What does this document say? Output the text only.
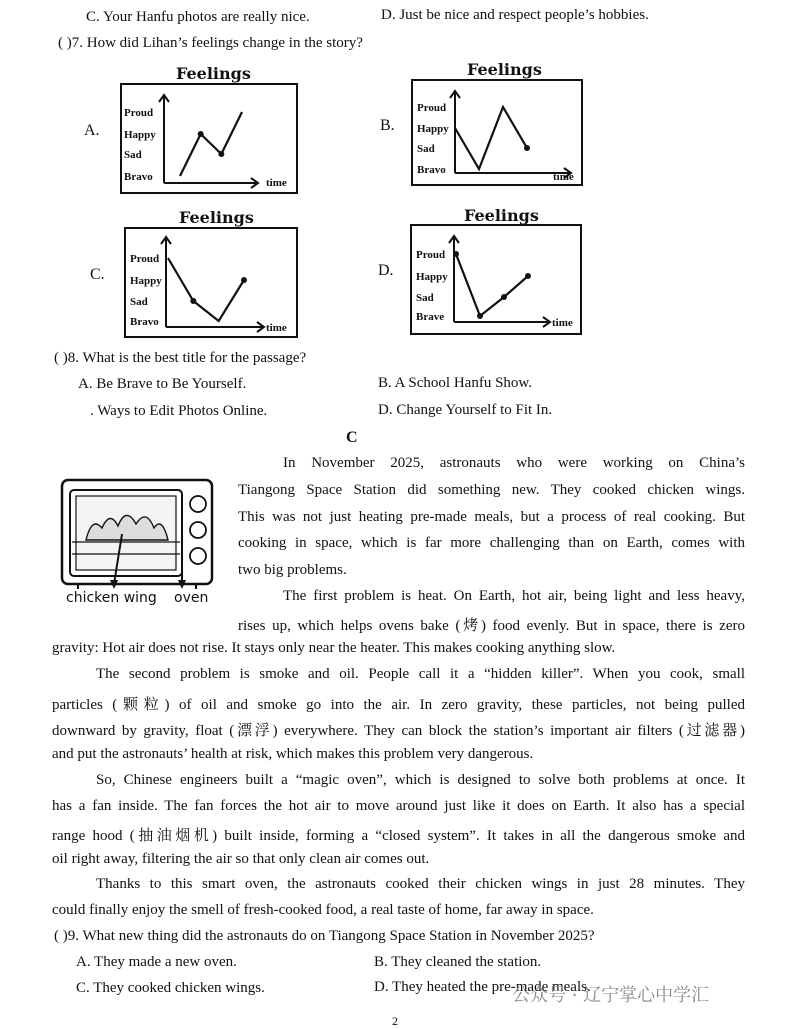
C. Your Hanfu photos are really nice.	D. Just be nice and respect people’s hobbies.
( )7. How did Lihan’s feelings change in the story?
A.	B.
C.	D.
Feelings
Proud
Happy
Sad
Bravo	time
Feelings
Proud
Happy
Sad
Bravo
time
Feelings
Proud
Happy
Sad
Bravo	time
Feelings
Proud
Happy
Sad
Brave	time
( )8. What is the best title for the passage?
A. Be Brave to Be Yourself.	B. A School Hanfu Show.
. Ways to Edit Photos Online.	D. Change Yourself to Fit In.
C
chicken wing oven
In November 2025, astronauts who were working on China’s
Tiangong Space Station did something new. They cooked chicken wings.
This was not just heating pre-made meals, but a process of real cooking. But
cooking in space, which is far more challenging than on Earth, comes with
two big problems.
The first problem is heat. On Earth, hot air, being light and less heavy,
rises up, which helps ovens bake (烤) food evenly. But in space, there is zero
gravity: Hot air does not rise. It stays only near the heater. This makes cooking anything slow.
The second problem is smoke and oil. People call it a “hidden killer”. When you cook, small
particles (颗粒) of oil and smoke go into the air. In zero gravity, these particles, not being pulled
downward by gravity, float (漂浮) everywhere. They can block the station’s important air filters (过滤器)
and put the astronauts’ health at risk, which makes this problem very dangerous.
So, Chinese engineers built a “magic oven”, which is designed to solve both problems at once. It
has a fan inside. The fan forces the hot air to move around just like it does on Earth. It also has a special
range hood (抽油烟机) built inside, forming a “closed system”. It takes in all the dangerous smoke and
oil right away, filtering the air so that only clean air comes out.
Thanks to this smart oven, the astronauts cooked their chicken wings in just 28 minutes. They
could finally enjoy the smell of fresh-cooked food, a real taste of home, far away in space.
( )9. What new thing did the astronauts do on Tiangong Space Station in November 2025?
A. They made a new oven.	B. They cleaned the station.
C. They cooked chicken wings.	D. They heated the pre-made meals.
公众号 · 辽宁掌心中学汇
2
